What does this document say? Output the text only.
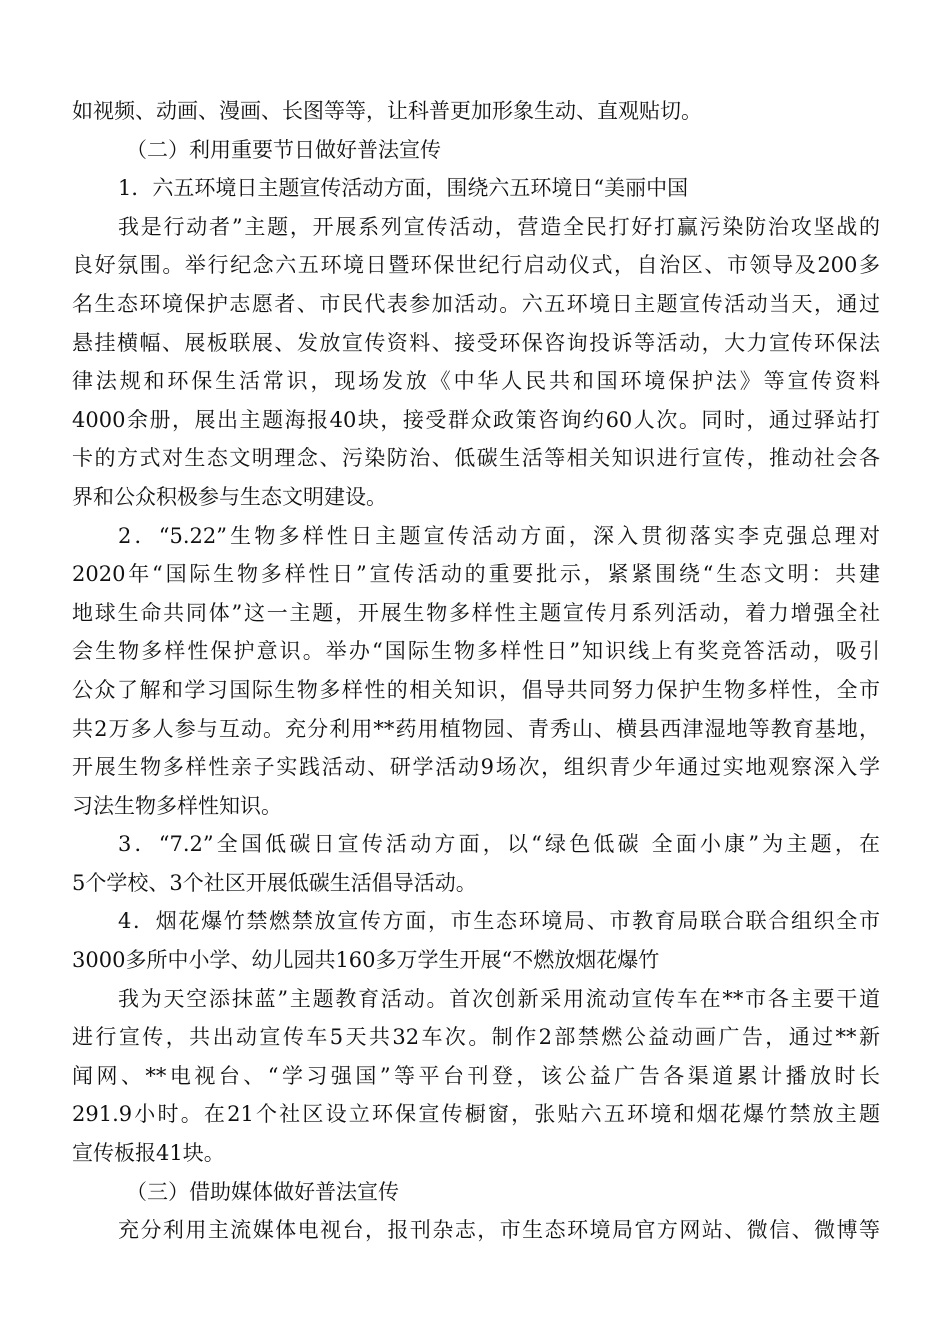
如视频、动画、漫画、长图等等，让科普更加形象生动、直观贴切。
（二）利用重要节日做好普法宣传
1．六五环境日主题宣传活动方面，围绕六五环境日“美丽中国
我是行动者”主题，开展系列宣传活动，营造全民打好打赢污染防治攻坚战的
良好氛围。举行纪念六五环境日暨环保世纪行启动仪式，自治区、市领导及200多
名生态环境保护志愿者、市民代表参加活动。六五环境日主题宣传活动当天，通过
悬挂横幅、展板联展、发放宣传资料、接受环保咨询投诉等活动，大力宣传环保法
律法规和环保生活常识，现场发放《中华人民共和国环境保护法》等宣传资料
4000余册，展出主题海报40块，接受群众政策咨询约60人次。同时，通过驿站打
卡的方式对生态文明理念、污染防治、低碳生活等相关知识进行宣传，推动社会各
界和公众积极参与生态文明建设。
2．“5.22”生物多样性日主题宣传活动方面，深入贯彻落实李克强总理对
2020年“国际生物多样性日”宣传活动的重要批示，紧紧围绕“生态文明：共建
地球生命共同体”这一主题，开展生物多样性主题宣传月系列活动，着力增强全社
会生物多样性保护意识。举办“国际生物多样性日”知识线上有奖竞答活动，吸引
公众了解和学习国际生物多样性的相关知识，倡导共同努力保护生物多样性，全市
共2万多人参与互动。充分利用**药用植物园、青秀山、横县西津湿地等教育基地，
开展生物多样性亲子实践活动、研学活动9场次，组织青少年通过实地观察深入学
习法生物多样性知识。
3．“7.2”全国低碳日宣传活动方面，以“绿色低碳 全面小康”为主题，在
5个学校、3个社区开展低碳生活倡导活动。
4．烟花爆竹禁燃禁放宣传方面，市生态环境局、市教育局联合联合组织全市
3000多所中小学、幼儿园共160多万学生开展“不燃放烟花爆竹
我为天空添抹蓝”主题教育活动。首次创新采用流动宣传车在**市各主要干道
进行宣传，共出动宣传车5天共32车次。制作2部禁燃公益动画广告，通过**新
闻网、**电视台、“学习强国”等平台刊登，该公益广告各渠道累计播放时长
291.9小时。在21个社区设立环保宣传橱窗，张贴六五环境和烟花爆竹禁放主题
宣传板报41块。
（三）借助媒体做好普法宣传
充分利用主流媒体电视台，报刊杂志，市生态环境局官方网站、微信、微博等
